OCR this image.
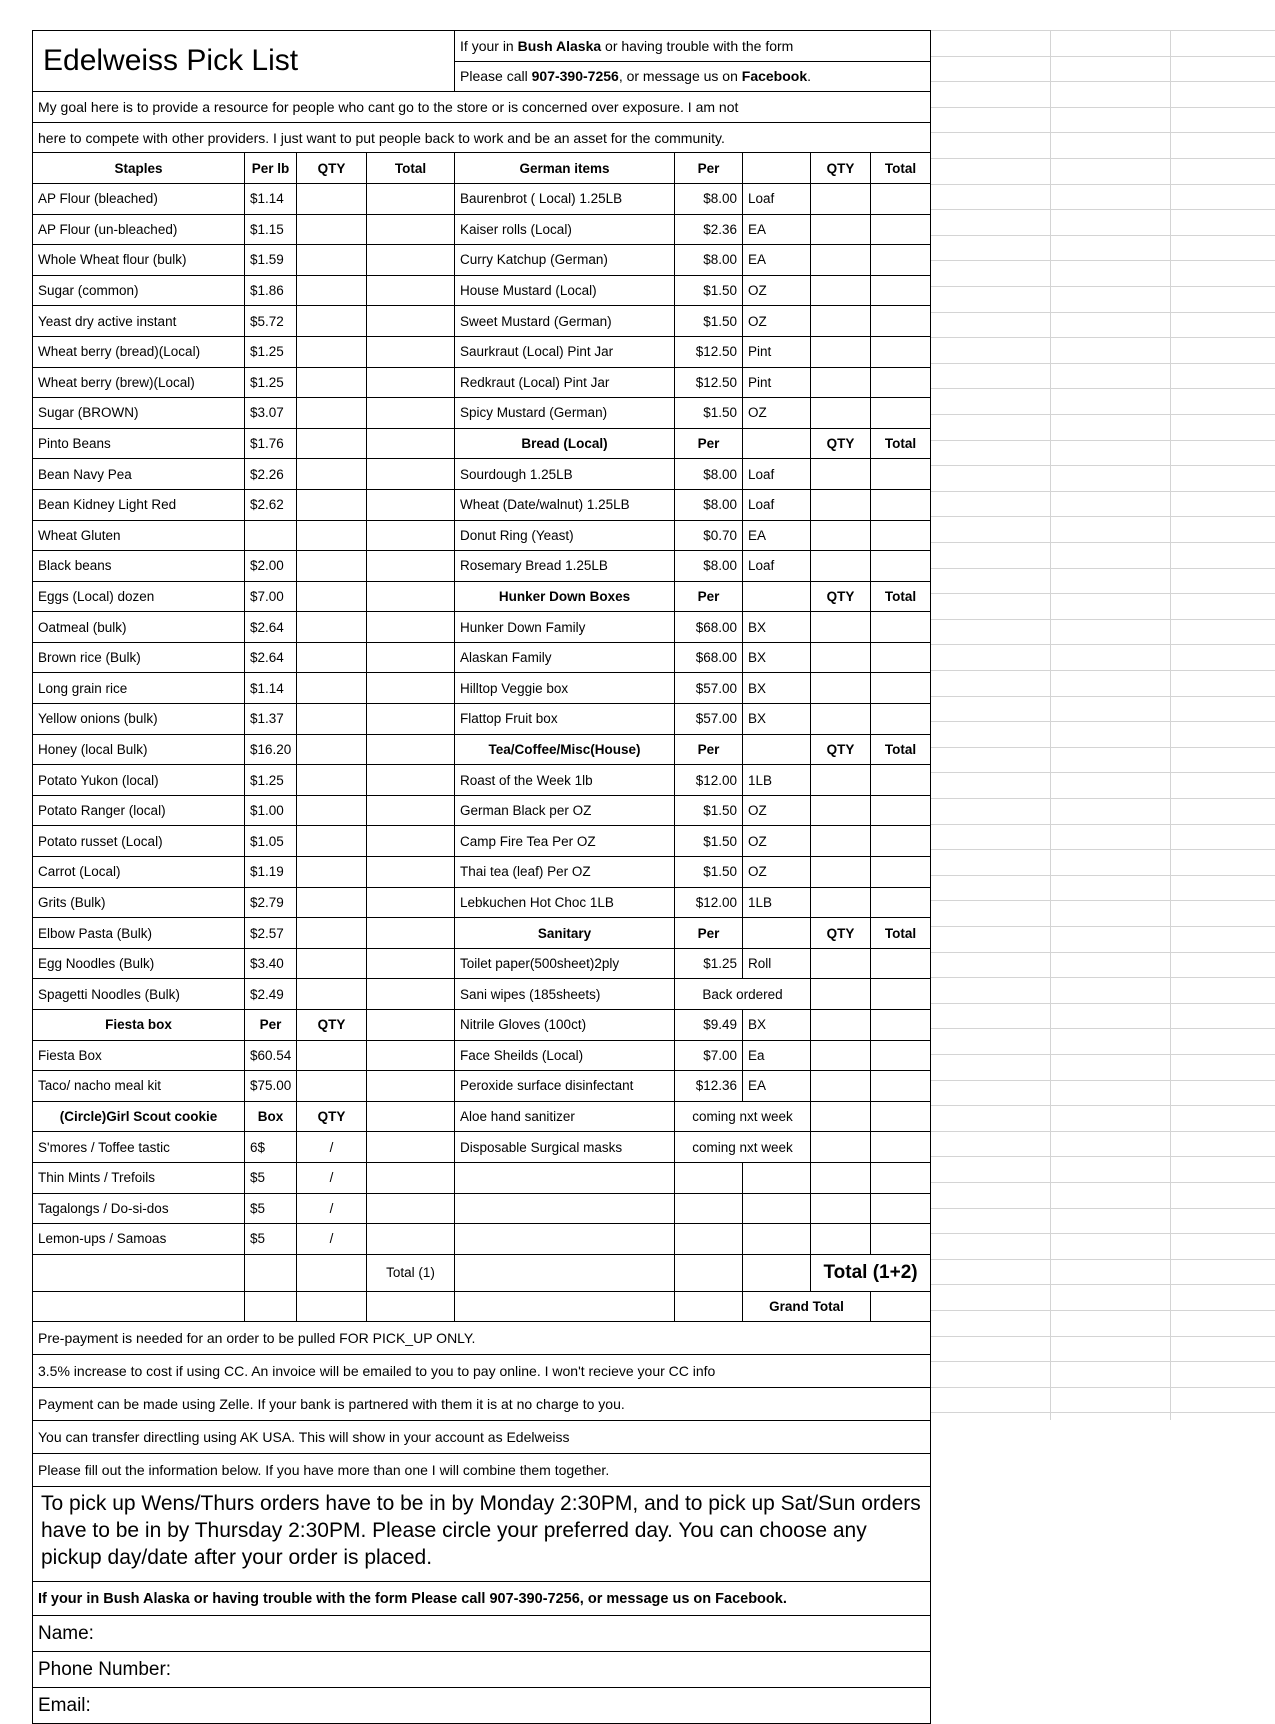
Edelweiss Pick List				If your in Bush Alaska or having trouble with the form				
				Please call 907-390-7256, or message us on Facebook.				
My goal here is to provide a resource for people who cant go to the store or is concerned over exposure. I am not								
here to compete with other providers. I just want to put people back to work and be an asset for the community.								
Staples	Per lb	QTY	Total	German items	Per		QTY	Total
AP Flour (bleached)	$1.14			Baurenbrot ( Local) 1.25LB	$8.00	Loaf		
AP Flour (un-bleached)	$1.15			Kaiser rolls (Local)	$2.36	EA		
Whole Wheat flour (bulk)	$1.59			Curry Katchup (German)	$8.00	EA		
Sugar (common)	$1.86			House Mustard (Local)	$1.50	OZ		
Yeast dry active instant	$5.72			Sweet Mustard (German)	$1.50	OZ		
Wheat berry (bread)(Local)	$1.25			Saurkraut (Local) Pint Jar	$12.50	Pint		
Wheat berry (brew)(Local)	$1.25			Redkraut (Local) Pint Jar	$12.50	Pint		
Sugar (BROWN)	$3.07			Spicy Mustard (German)	$1.50	OZ		
Pinto Beans	$1.76			Bread (Local)	Per		QTY	Total
Bean Navy Pea	$2.26			Sourdough 1.25LB	$8.00	Loaf		
Bean Kidney Light Red	$2.62			Wheat (Date/walnut) 1.25LB	$8.00	Loaf		
Wheat Gluten				Donut Ring (Yeast)	$0.70	EA		
Black beans	$2.00			Rosemary Bread 1.25LB	$8.00	Loaf		
Eggs (Local) dozen	$7.00			Hunker Down Boxes	Per		QTY	Total
Oatmeal (bulk)	$2.64			Hunker Down Family	$68.00	BX		
Brown rice (Bulk)	$2.64			Alaskan Family	$68.00	BX		
Long grain rice	$1.14			Hilltop Veggie box	$57.00	BX		
Yellow onions (bulk)	$1.37			Flattop Fruit box	$57.00	BX		
Honey (local Bulk)	$16.20			Tea/Coffee/Misc(House)	Per		QTY	Total
Potato Yukon (local)	$1.25			Roast of the Week 1lb	$12.00	1LB		
Potato Ranger (local)	$1.00			German Black per OZ	$1.50	OZ		
Potato russet (Local)	$1.05			Camp Fire Tea Per OZ	$1.50	OZ		
Carrot (Local)	$1.19			Thai tea (leaf) Per OZ	$1.50	OZ		
Grits (Bulk)	$2.79			Lebkuchen Hot Choc 1LB	$12.00	1LB		
Elbow Pasta (Bulk)	$2.57			Sanitary	Per		QTY	Total
Egg Noodles (Bulk)	$3.40			Toilet paper(500sheet)2ply	$1.25	Roll		
Spagetti Noodles (Bulk)	$2.49			Sani wipes (185sheets)	Back ordered			
Fiesta box	Per	QTY		Nitrile Gloves (100ct)	$9.49	BX		
Fiesta Box	$60.54			Face Sheilds (Local)	$7.00	Ea		
Taco/ nacho meal kit	$75.00			Peroxide surface disinfectant	$12.36	EA		
(Circle)Girl Scout cookie	Box	QTY		Aloe hand sanitizer	coming nxt week			
S'mores / Toffee tastic	6$	/		Disposable Surgical masks	coming nxt week			
Thin Mints / Trefoils	$5	/						
Tagalongs / Do-si-dos	$5	/						
Lemon-ups / Samoas	$5	/						
			Total (1)				Total (1+2)	
						Grand Total		
Pre-payment is needed for an order to be pulled FOR PICK_UP ONLY.								
3.5% increase to cost if using CC. An invoice will be emailed to you to pay online. I won't recieve your CC info								
Payment can be made using Zelle. If your bank is partnered with them it is at no charge to you.								
You can transfer directling using AK USA. This will show in your account as Edelweiss								
Please fill out the information below. If you have more than one I will combine them together.								
To pick up Wens/Thurs orders have to be in by Monday 2:30PM, and to pick up Sat/Sun orders have to be in by Thursday 2:30PM. Please circle your preferred day. You can choose any pickup day/date after your order is placed.								
If your in Bush Alaska or having trouble with the form Please call 907-390-7256, or message us on Facebook.								
Name:								
Phone Number:								
Email:								
